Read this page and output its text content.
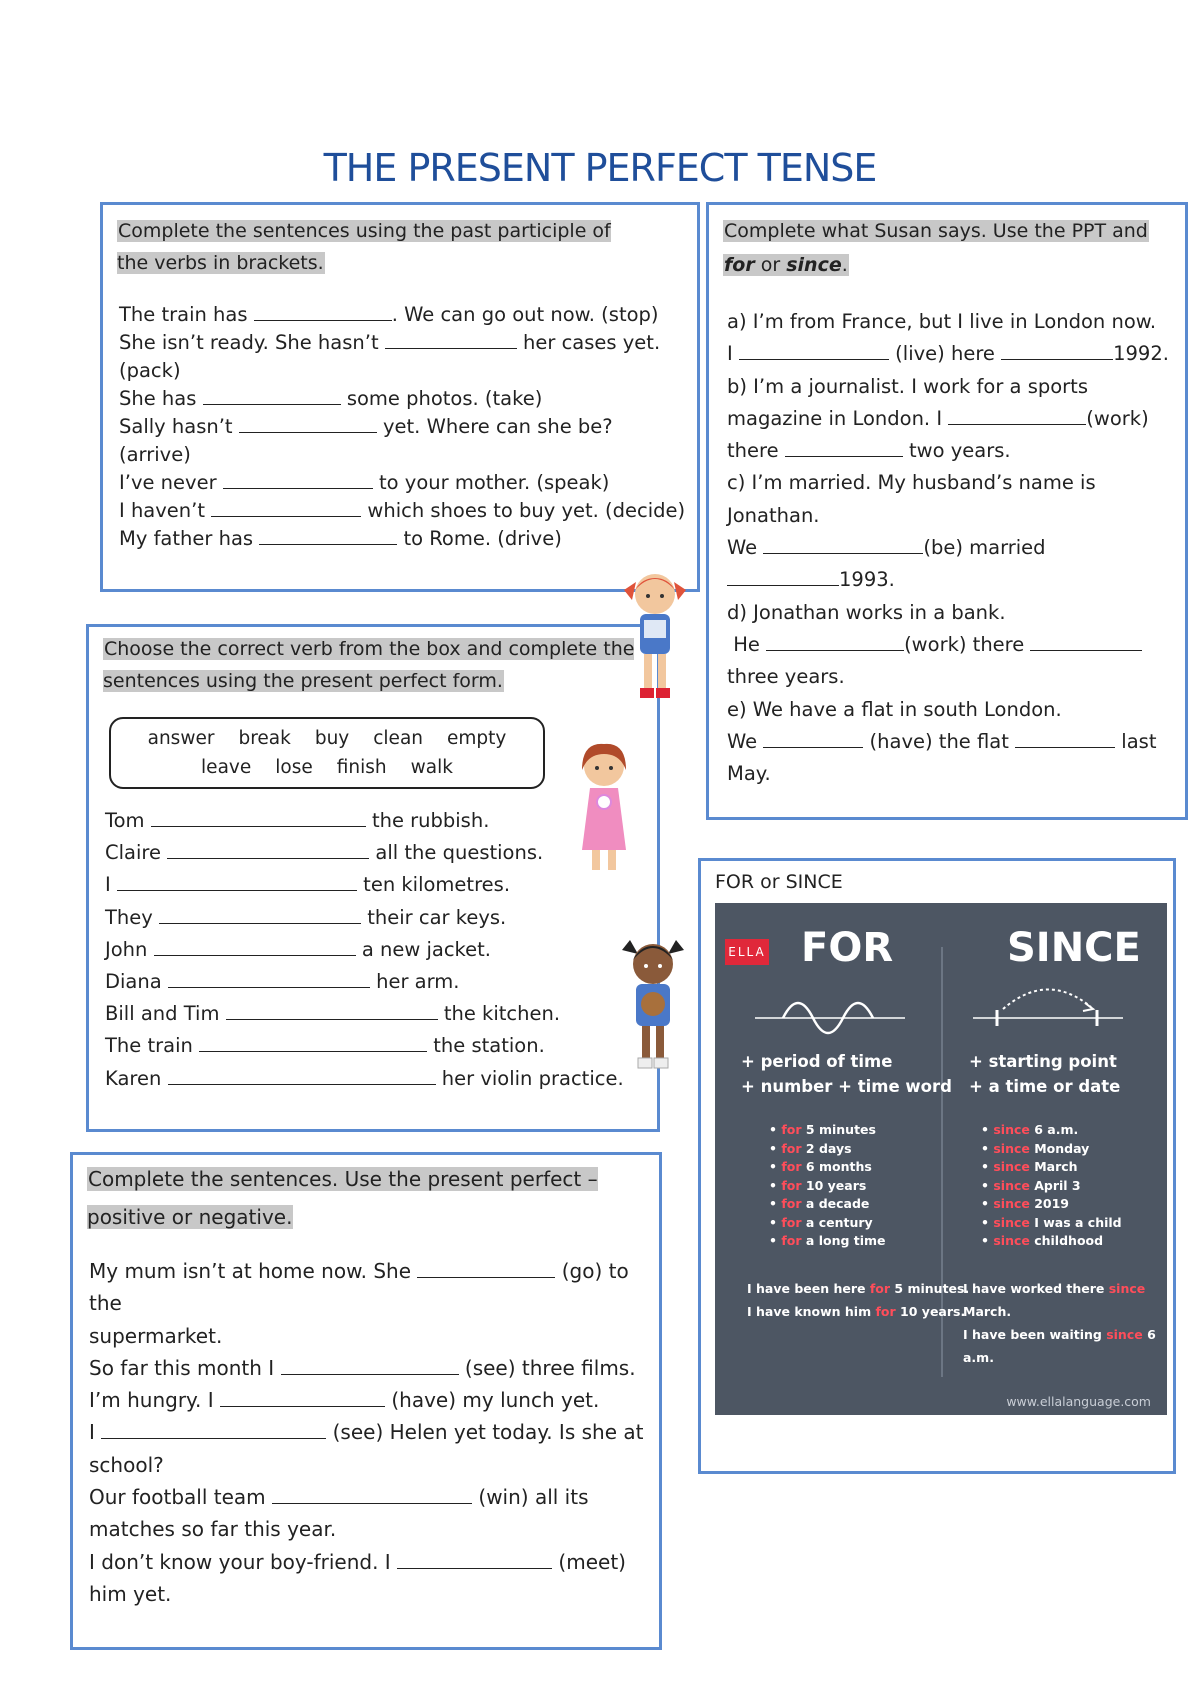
THE PRESENT PERFECT TENSE
Complete the sentences using the past participle of the verbs in brackets.

The train has	. We can go out now. (stop)

She isn’t ready. She hasn’t	her cases yet. (pack)

She has	some photos. (take)

Sally hasn’t	yet. Where can she be? (arrive)

I’ve never	to your mother. (speak)

I haven’t	which shoes to buy yet. (decide)

My father has	to Rome. (drive)

Complete what Susan says. Use the PPT and
for or since.

a) I’m from France, but I live in London now.

I	(live) here	1992.

b) I’m a journalist. I work for a sports

magazine in London. I	(work)

there	two years.

c) I’m married. My husband’s name is

Jonathan.

We	(be) married

1993.

d) Jonathan works in a bank.

He	(work) there

three years.

e) We have a flat in south London.

We	(have) the flat	last

May.

Choose the correct verb from the box and complete the sentences using the present perfect form.
answer break buy clean empty
leave lose finish walk

Tom	the rubbish.

Claire	all the questions.

I	ten kilometres.

They	their car keys.

John	a new jacket.

Diana	her arm.

Bill and Tim	the kitchen.

The train	the station.

Karen	her violin practice.

Complete the sentences. Use the present perfect – positive or negative.

My mum isn’t at home now. She	(go) to the

supermarket.

So far this month I	(see) three films.

I’m hungry. I	(have) my lunch yet.

I	(see) Helen yet today. Is she at

school?

Our football team	(win) all its

matches so far this year.

I don’t know your boy-friend. I	(meet)

him yet.

FOR or SINCE
ELLA FOR	SINCE
+ period of time
+ number + time word
+ starting point
+ a time or date
• for 5 minutes
• for 2 days
• for 6 months
• for 10 years
• for a decade
• for a century
• for a long time
• since 6 a.m.
• since Monday
• since March
• since April 3
• since 2019
• since I was a child
• since childhood
I have been here for 5 minutes.
I have known him for 10 years.
I have worked there since March.
I have been waiting since 6 a.m.
www.ellalanguage.com
